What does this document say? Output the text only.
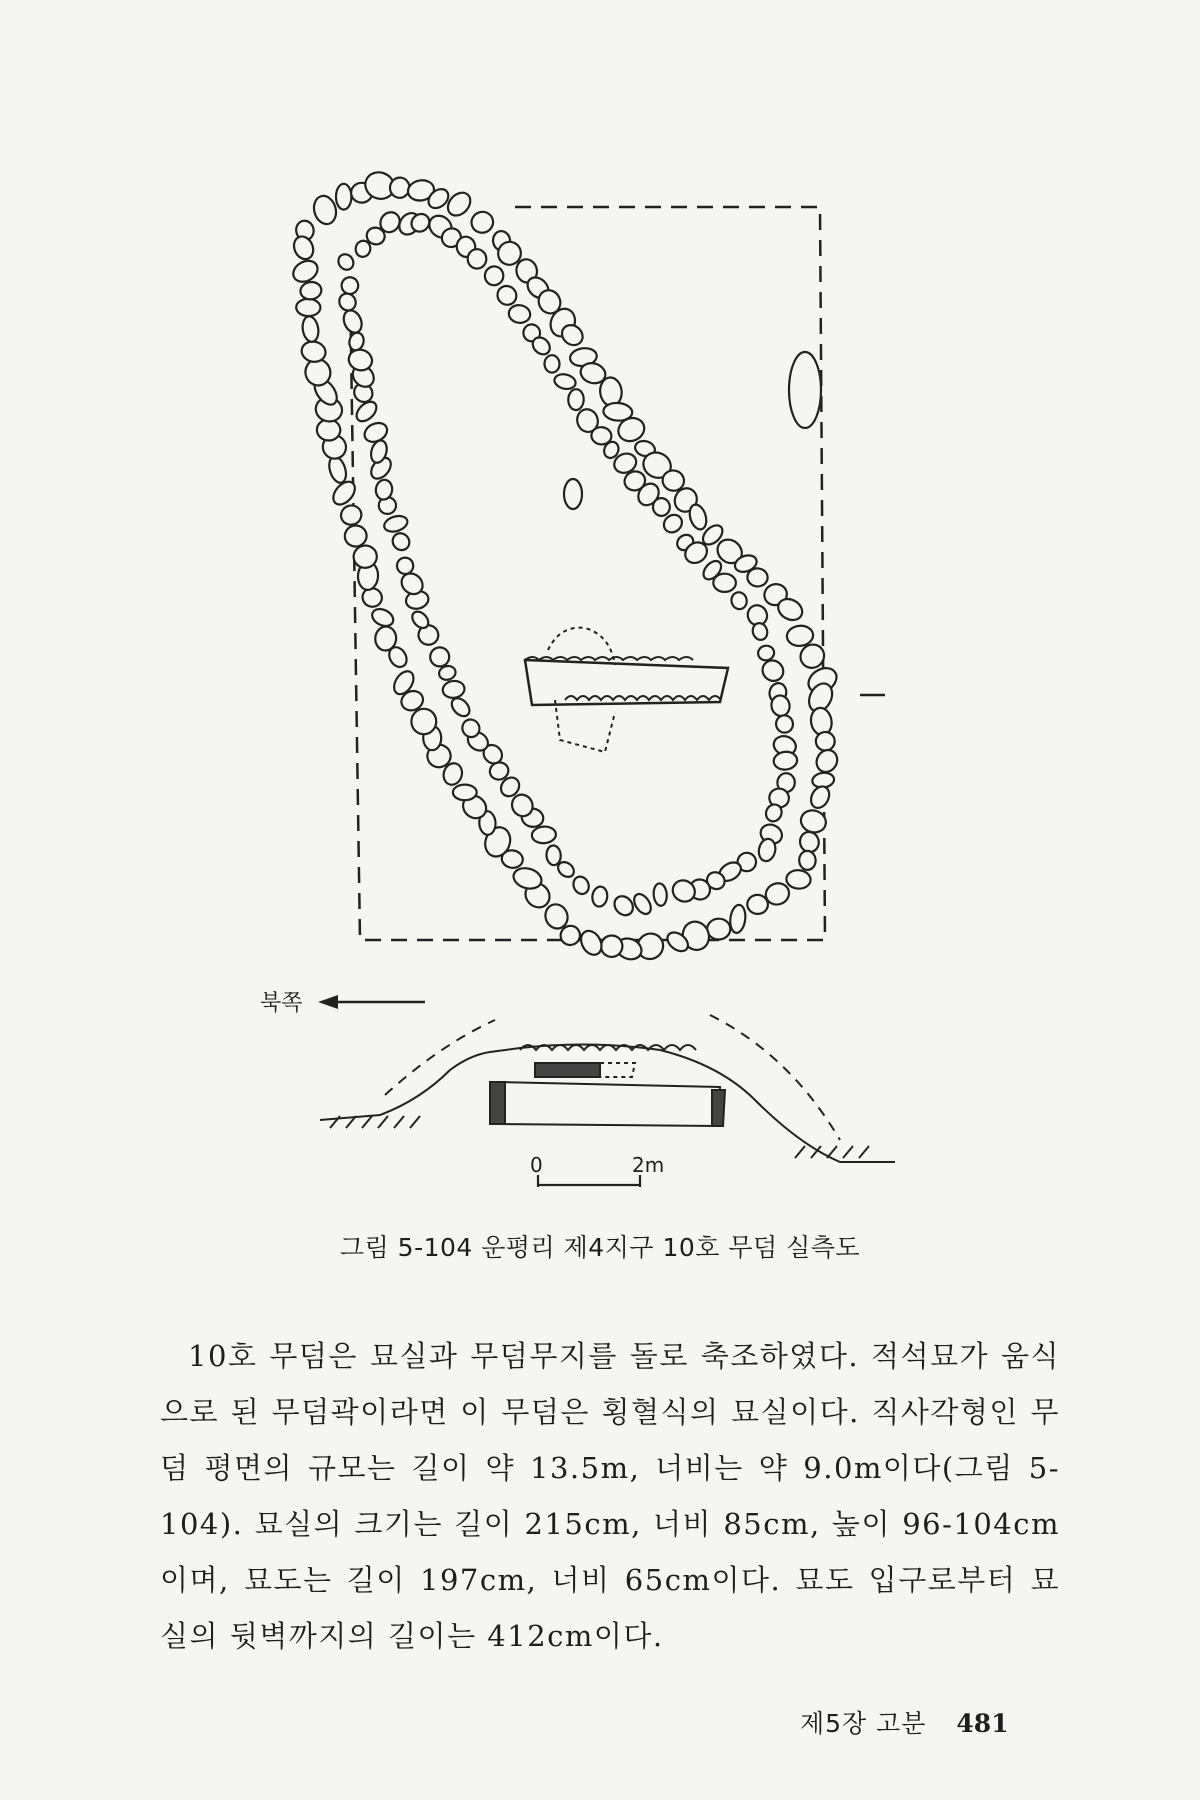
북쪽
0	2m
그림 5-104 운평리 제4지구 10호 무덤 실측도

10호 무덤은 묘실과 무덤무지를 돌로 축조하였다. 적석묘가 움식으로 된 무덤곽이라면 이 무덤은 횡혈식의 묘실이다. 직사각형인 무덤 평면의 규모는 길이 약 13.5m, 너비는 약 9.0m이다(그림 5-104). 묘실의 크기는 길이 215cm, 너비 85cm, 높이 96-104cm이며, 묘도는 길이 197cm, 너비 65cm이다. 묘도 입구로부터 묘실의 뒷벽까지의 길이는 412cm이다.

제5장 고분 481
